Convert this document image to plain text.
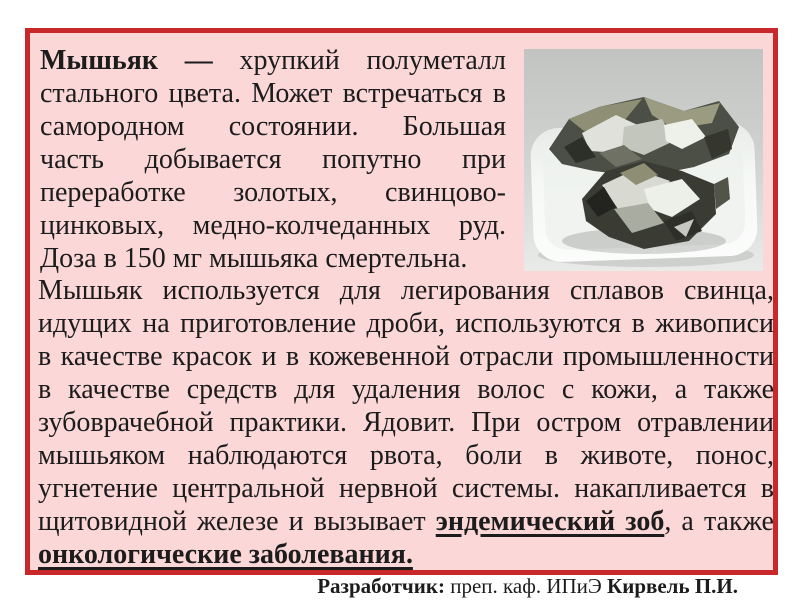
Мышьяк — хрупкий полуметалл
стального цвета. Может встречаться в
самородном состоянии. Большая
часть добывается попутно при
переработке золотых, свинцово-
цинковых, медно-колчеданных руд.
Доза в 150 мг мышьяка смертельна.
Мышьяк используется для легирования сплавов свинца,
идущих на приготовление дроби, используются в живописи
в качестве красок и в кожевенной отрасли промышленности
в качестве средств для удаления волос с кожи, а также
зубоврачебной практики. Ядовит. При остром отравлении
мышьяком наблюдаются рвота, боли в животе, понос,
угнетение центральной нервной системы. накапливается в
щитовидной железе и вызывает эндемический зоб, а также
онкологические заболевания.
Разработчик: преп. каф. ИПиЭ Кирвель П.И.
